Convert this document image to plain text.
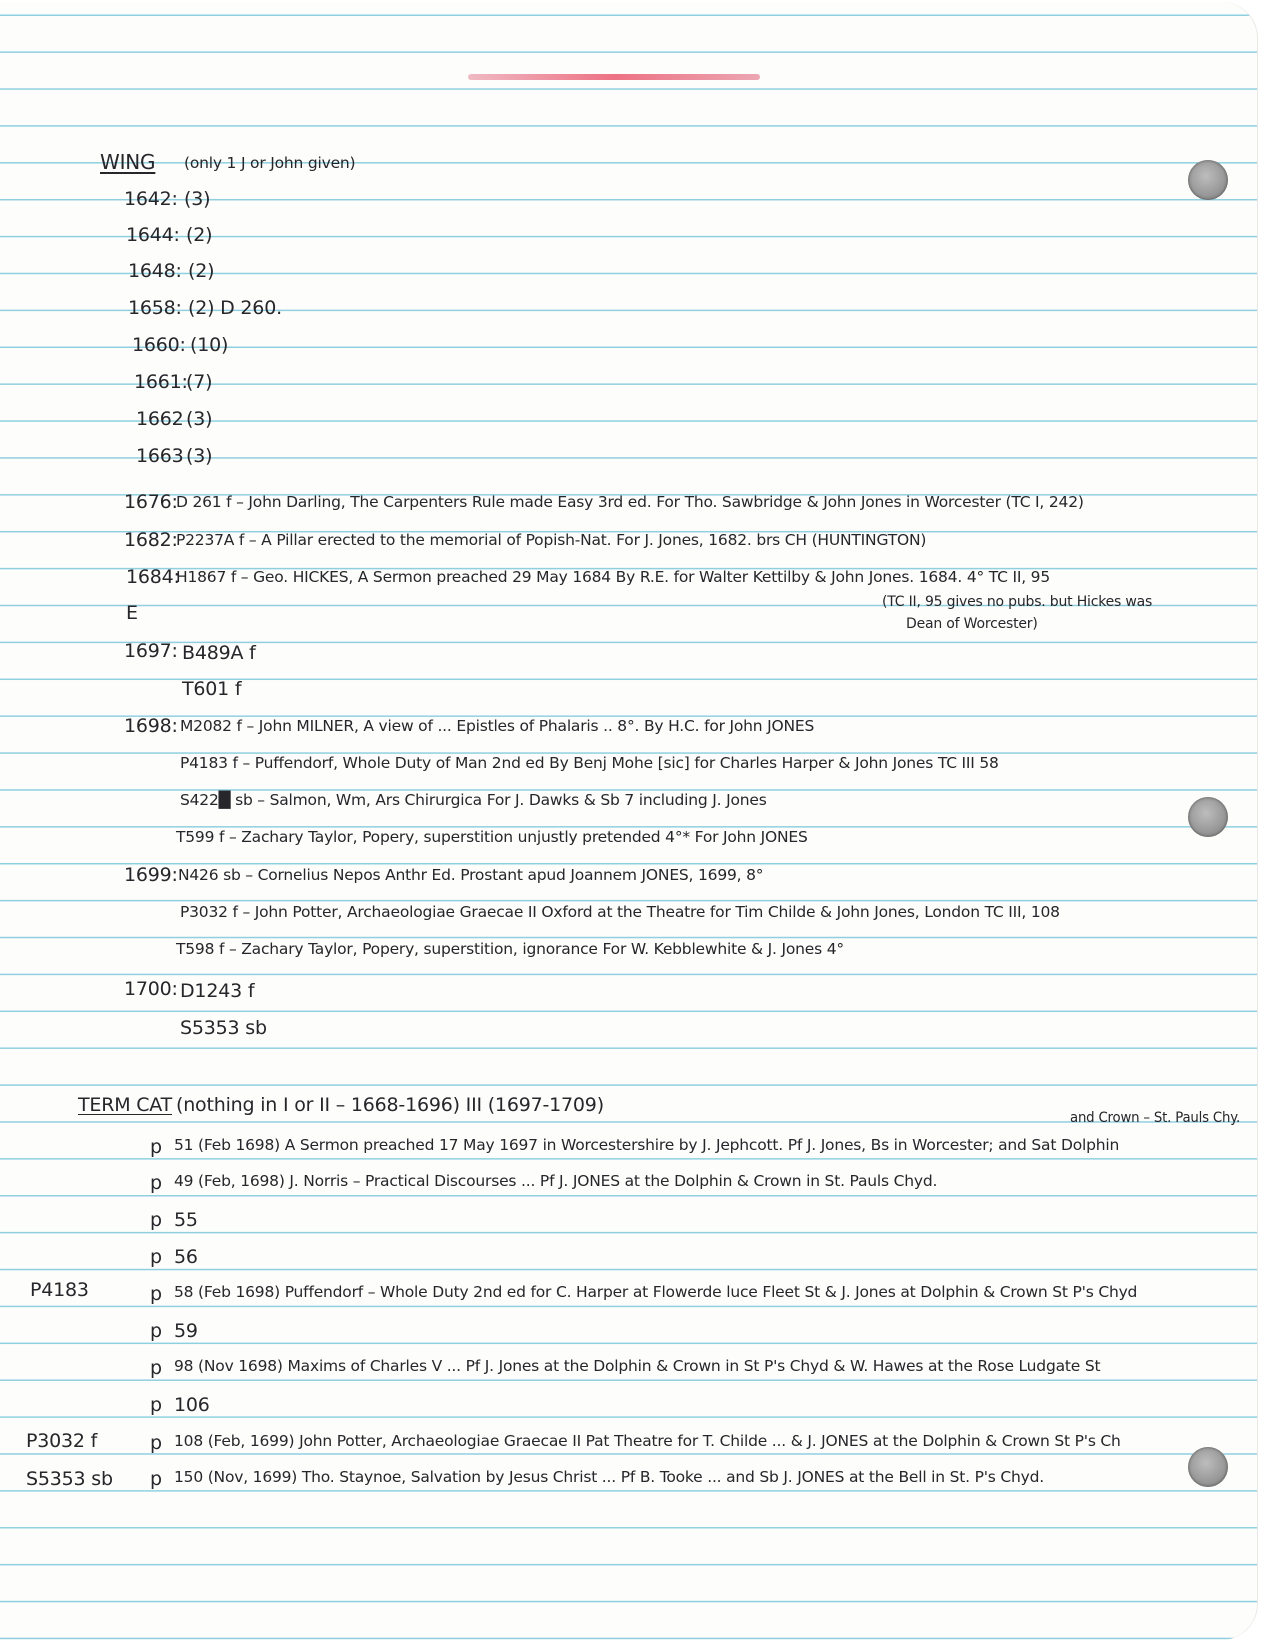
WING (only 1 J or John given)
1642: (3)
1644: (2)
1648: (2)
1658: (2) D 260.
1660: (10)
1661:
(7)
1662 (3)
1663 (3)
1676:
D 261 f – John Darling, The Carpenters Rule made Easy 3rd ed. For Tho. Sawbridge & John Jones in Worcester (TC I, 242)
1682:
P2237A f – A Pillar erected to the memorial of Popish-Nat. For J. Jones, 1682. brs CH (HUNTINGTON)
1684:
H1867 f – Geo. HICKES, A Sermon preached 29 May 1684 By R.E. for Walter Kettilby & John Jones. 1684. 4° TC II, 95
(TC II, 95 gives no pubs. but Hickes was
Dean of Worcester)
E
1697: B489A f
T601 f
1698: M2082 f – John MILNER, A view of ... Epistles of Phalaris .. 8°. By H.C. for John JONES
P4183 f – Puffendorf, Whole Duty of Man 2nd ed By Benj Mohe [sic] for Charles Harper & John Jones TC III 58
S422█ sb – Salmon, Wm, Ars Chirurgica For J. Dawks & Sb 7 including J. Jones
T599 f – Zachary Taylor, Popery, superstition unjustly pretended 4°* For John JONES
1699: N426 sb – Cornelius Nepos Anthr Ed. Prostant apud Joannem JONES, 1699, 8°
P3032 f – John Potter, Archaeologiae Graecae II Oxford at the Theatre for Tim Childe & John Jones, London TC III, 108
T598 f – Zachary Taylor, Popery, superstition, ignorance For W. Kebblewhite & J. Jones 4°
1700: D1243 f
S5353 sb
TERM CAT (nothing in I or II – 1668-1696) III (1697-1709)
and Crown – St. Pauls Chy.
p 51 (Feb 1698) A Sermon preached 17 May 1697 in Worcestershire by J. Jephcott. Pf J. Jones, Bs in Worcester; and Sat Dolphin
p 49 (Feb, 1698) J. Norris – Practical Discourses ... Pf J. JONES at the Dolphin & Crown in St. Pauls Chyd.
p 55
p 56
P4183	p 58 (Feb 1698) Puffendorf – Whole Duty 2nd ed for C. Harper at Flowerde luce Fleet St & J. Jones at Dolphin & Crown St P's Chyd
p 59
p 98 (Nov 1698) Maxims of Charles V ... Pf J. Jones at the Dolphin & Crown in St P's Chyd & W. Hawes at the Rose Ludgate St
p 106
P3032 f	p 108 (Feb, 1699) John Potter, Archaeologiae Graecae II Pat Theatre for T. Childe ... & J. JONES at the Dolphin & Crown St P's Ch
S5353 sb p 150 (Nov, 1699) Tho. Staynoe, Salvation by Jesus Christ ... Pf B. Tooke ... and Sb J. JONES at the Bell in St. P's Chyd.
